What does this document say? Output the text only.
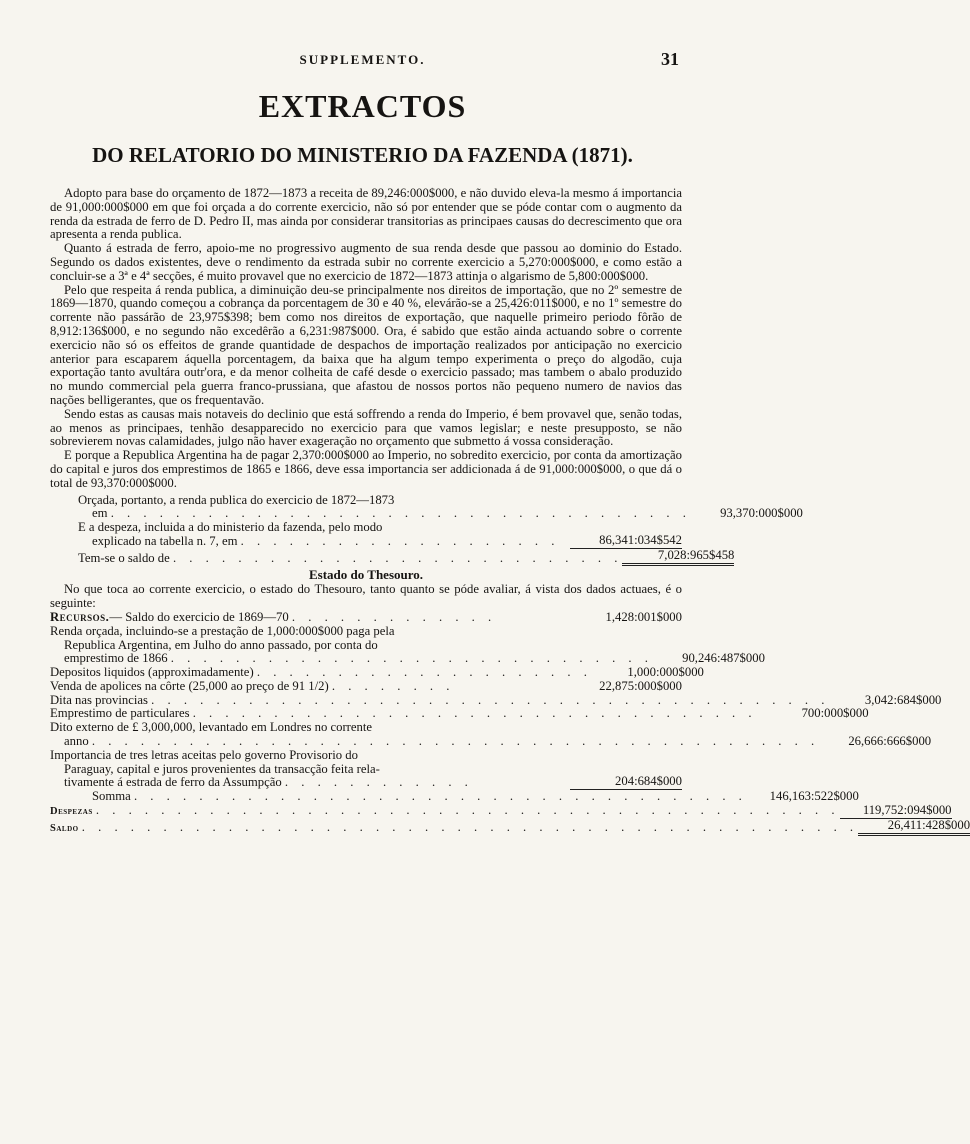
SUPPLEMENTO.	31
EXTRACTOS
DO RELATORIO DO MINISTERIO DA FAZENDA (1871).

Adopto para base do orçamento de 1872—1873 a receita de 89,246:000$000, e não duvido eleva-la mesmo á importancia de 91,000:000$000 em que foi orçada a do corrente exercicio, não só por entender que se póde contar com o augmento da renda da estrada de ferro de D. Pedro II, mas ainda por considerar transitorias as principaes causas do decrescimento que ora apresenta a renda publica.

Quanto á estrada de ferro, apoio-me no progressivo augmento de sua renda desde que passou ao dominio do Estado. Segundo os dados existentes, deve o rendimento da estrada subir no corrente exercicio a 5,270:000$000, e como estão a concluir-se a 3ª e 4ª secções, é muito provavel que no exercicio de 1872—1873 attinja o algarismo de 5,800:000$000.

Pelo que respeita á renda publica, a diminuição deu-se principalmente nos direitos de importação, que no 2º semestre de 1869—1870, quando começou a cobrança da porcentagem de 30 e 40 %, elevárão-se a 25,426:011$000, e no 1º semestre do corrente não passárão de 23,975$398; bem como nos direitos de exportação, que naquelle primeiro periodo fôrão de 8,912:136$000, e no segundo não excedêrão a 6,231:987$000. Ora, é sabido que estão ainda actuando sobre o corrente exercicio não só os effeitos de grande quantidade de despachos de importação realizados por anticipação no exercicio anterior para escaparem áquella porcentagem, da baixa que ha algum tempo experimenta o preço do algodão, cuja exportação tanto avultára outr'ora, e da menor colheita de café desde o exercicio passado; mas tambem o abalo produzido no mundo commercial pela guerra franco-prussiana, que afastou de nossos portos não pequeno numero de navios das nações belligerantes, que os frequentavão.

Sendo estas as causas mais notaveis do declinio que está soffrendo a renda do Imperio, é bem provavel que, senão todas, ao menos as principaes, tenhão desapparecido no exercicio para que vamos legislar; e neste presupposto, se não sobrevierem novas calamidades, julgo não haver exageração no orçamento que submetto á vossa consideração.

E porque a Republica Argentina ha de pagar 2,370:000$000 ao Imperio, no sobredito exercicio, por conta da amortização do capital e juros dos emprestimos de 1865 e 1866, deve essa importancia ser addicionada á de 91,000:000$000, o que dá o total de 93,370:000$000.

Orçada, portanto, a renda publica do exercicio de 1872—1873
em . . . . . . . . . . . . . . . . . . . . . . . . . . . . . . . . . . . .	93,370:000$000
E a despeza, incluida a do ministerio da fazenda, pelo modo
explicado na tabella n. 7, em . . . . . . . . . . . . . . . . . . . .	86,341:034$542
Tem-se o saldo de . . . . . . . . . . . . . . . . . . . . . . . . . . . .	7,028:965$458
Estado do Thesouro.

No que toca ao corrente exercicio, o estado do Thesouro, tanto quanto se póde avaliar, á vista dos dados actuaes, é o seguinte:

Recursos.— Saldo do exercicio de 1869—70 . . . . . . . . . . . . .	1,428:001$000
Renda orçada, incluindo-se a prestação de 1,000:000$000 paga pela
Republica Argentina, em Julho do anno passado, por conta do
emprestimo de 1866 . . . . . . . . . . . . . . . . . . . . . . . . . . . . . .	90,246:487$000
Depositos liquidos (approximadamente) . . . . . . . . . . . . . . . . . . . . .	1,000:000$000
Venda de apolices na côrte (25,000 ao preço de 91 1/2) . . . . . . . .	22,875:000$000
Dita nas provincias . . . . . . . . . . . . . . . . . . . . . . . . . . . . . . . . . . . . . . . . . .	3,042:684$000
Emprestimo de particulares . . . . . . . . . . . . . . . . . . . . . . . . . . . . . . . . . . .	700:000$000
Dito externo de £ 3,000,000, levantado em Londres no corrente
anno . . . . . . . . . . . . . . . . . . . . . . . . . . . . . . . . . . . . . . . . . . . . .	26,666:666$000
Importancia de tres letras aceitas pelo governo Provisorio do
Paraguay, capital e juros provenientes da transacção feita rela-
tivamente á estrada de ferro da Assumpção . . . . . . . . . . . .	204:684$000
Somma . . . . . . . . . . . . . . . . . . . . . . . . . . . . . . . . . . . . . .	146,163:522$000
Despezas . . . . . . . . . . . . . . . . . . . . . . . . . . . . . . . . . . . . . . . . . . . . . .	119,752:094$000
Saldo . . . . . . . . . . . . . . . . . . . . . . . . . . . . . . . . . . . . . . . . . . . . . . . .	26,411:428$000
